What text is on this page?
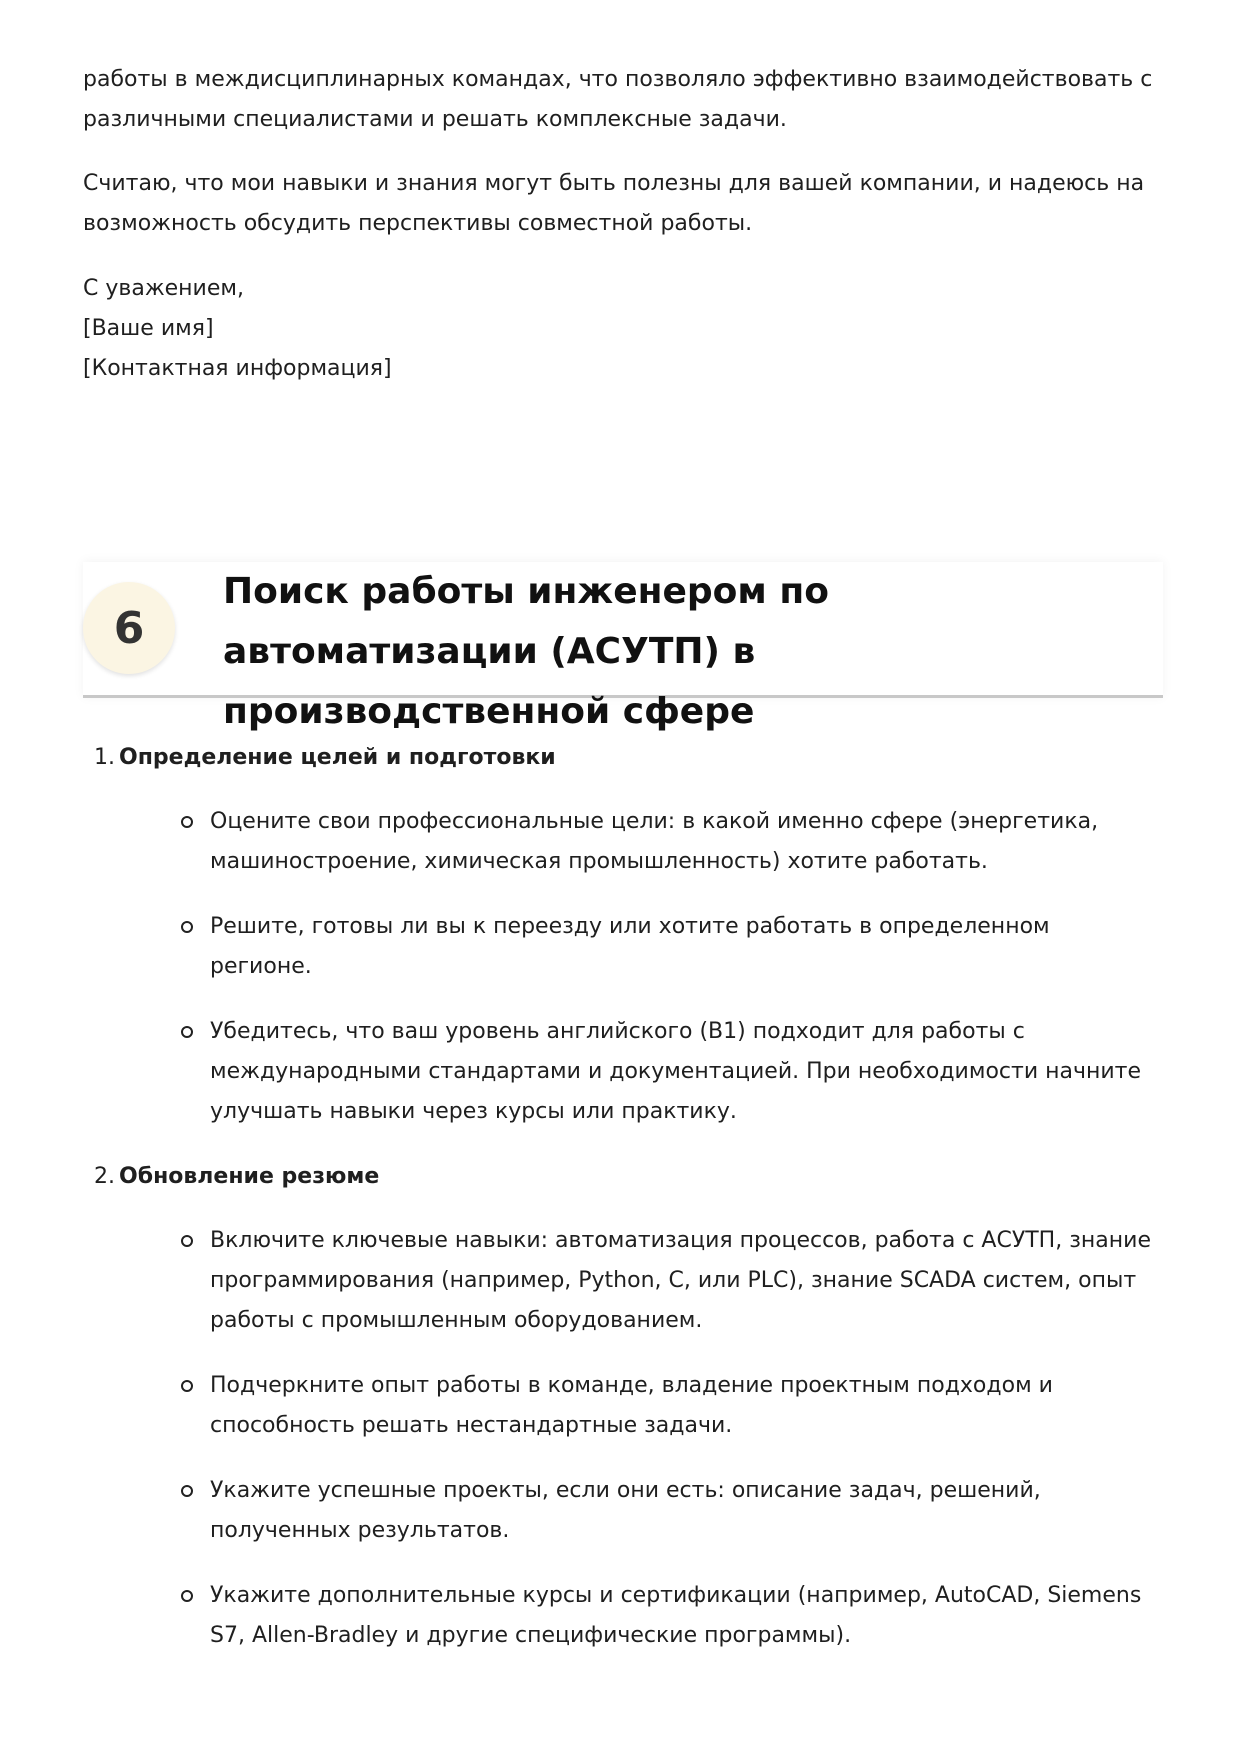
работы в междисциплинарных командах, что позволяло эффективно взаимодействовать с различными специалистами и решать комплексные задачи.

Считаю, что мои навыки и знания могут быть полезны для вашей компании, и надеюсь на возможность обсудить перспективы совместной работы.

С уважением,
[Ваше имя]
[Контактная информация]

6
Поиск работы инженером по автоматизации (АСУТП) в производственной сфере
1. Определение целей и подготовки
Оцените свои профессиональные цели: в какой именно сфере (энергетика, машиностроение, химическая промышленность) хотите работать.
Решите, готовы ли вы к переезду или хотите работать в определенном регионе.
Убедитесь, что ваш уровень английского (B1) подходит для работы с международными стандартами и документацией. При необходимости начните улучшать навыки через курсы или практику.
2. Обновление резюме
Включите ключевые навыки: автоматизация процессов, работа с АСУТП, знание программирования (например, Python, C, или PLC), знание SCADA систем, опыт работы с промышленным оборудованием.
Подчеркните опыт работы в команде, владение проектным подходом и способность решать нестандартные задачи.
Укажите успешные проекты, если они есть: описание задач, решений, полученных результатов.
Укажите дополнительные курсы и сертификации (например, AutoCAD, Siemens S7, Allen-Bradley и другие специфические программы).
